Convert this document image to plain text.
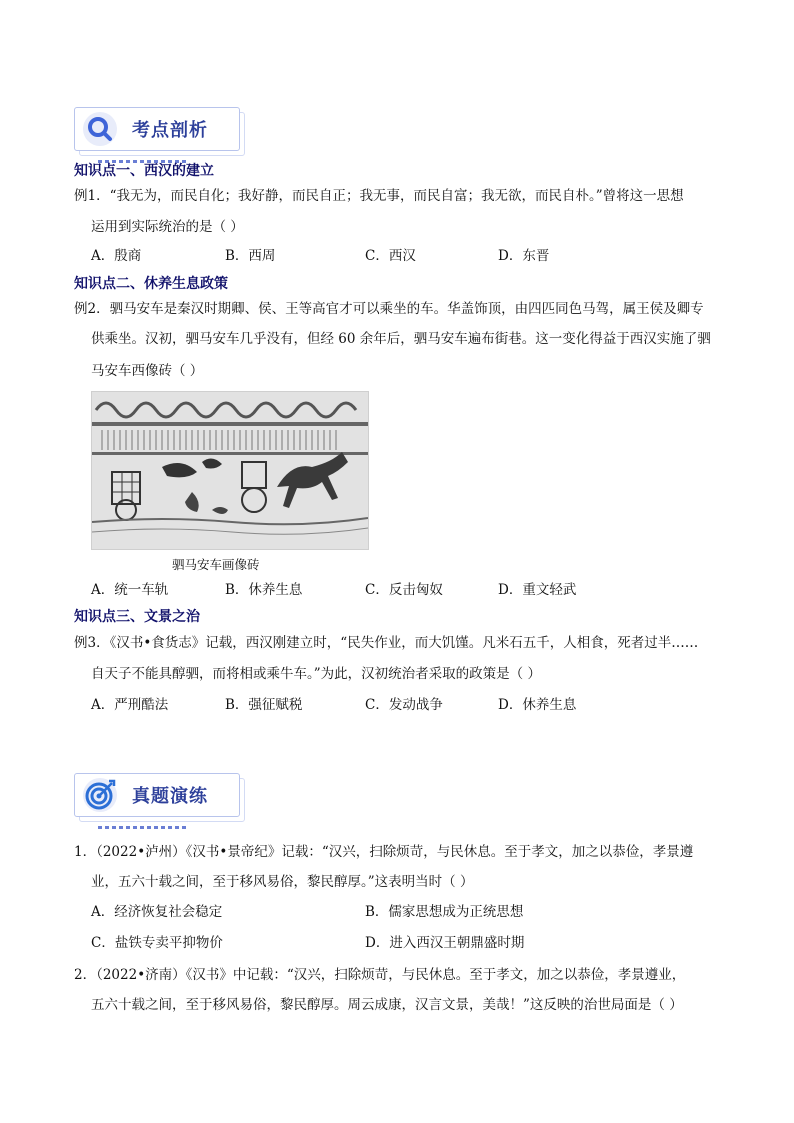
考点剖析
知识点一、西汉的建立
例1．“我无为，而民自化；我好静，而民自正；我无事，而民自富；我无欲，而民自朴。”曾将这一思想
运用到实际统治的是（ ）
A．殷商	B．西周	C．西汉	D．东晋
知识点二、休养生息政策
例2．驷马安车是秦汉时期卿、侯、王等高官才可以乘坐的车。华盖饰顶，由四匹同色马驾，属王侯及卿专
供乘坐。汉初，驷马安车几乎没有，但经 60 余年后，驷马安车遍布街巷。这一变化得益于西汉实施了驷
马安车西像砖（ ）
驷马安车画像砖
A．统一车轨	B．休养生息	C．反击匈奴	D．重文轻武
知识点三、文景之治
例3．《汉书•食货志》记载，西汉刚建立时，“民失作业，而大饥馑。凡米石五千，人相食，死者过半……
自天子不能具醇驷，而将相或乘牛车。”为此，汉初统治者采取的政策是（ ）
A．严刑酷法	B．强征赋税	C．发动战争	D．休养生息
真题演练
1．（2022•泸州）《汉书•景帝纪》记载：“汉兴，扫除烦苛，与民休息。至于孝文，加之以恭俭，孝景遵
业，五六十载之间，至于移风易俗，黎民醇厚。”这表明当时（ ）
A．经济恢复社会稳定	B．儒家思想成为正统思想
C．盐铁专卖平抑物价	D．进入西汉王朝鼎盛时期
2．（2022•济南）《汉书》中记载：“汉兴，扫除烦苛，与民休息。至于孝文，加之以恭俭，孝景遵业，
五六十载之间，至于移风易俗，黎民醇厚。周云成康，汉言文景，美哉！”这反映的治世局面是（ ）
